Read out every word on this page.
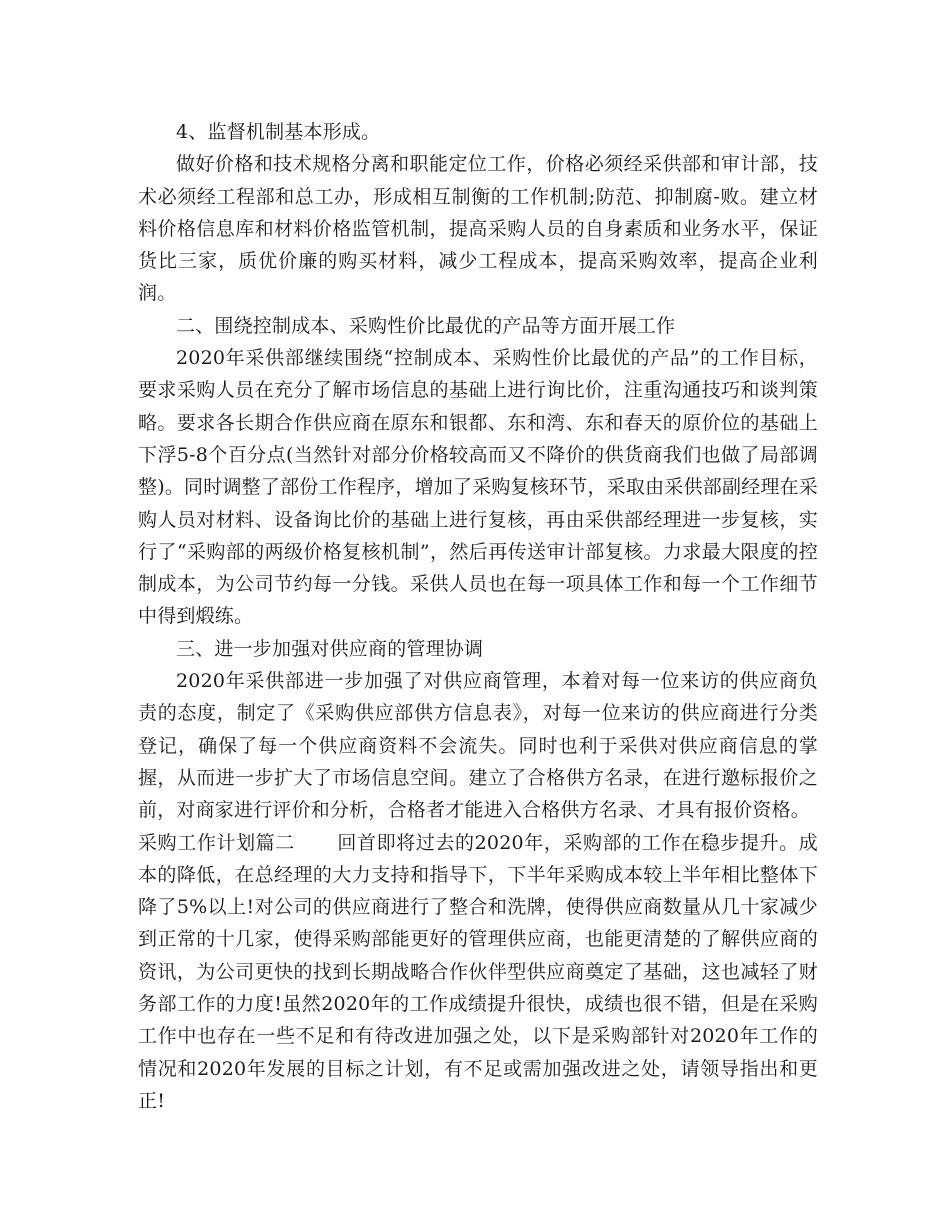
4、监督机制基本形成。

做好价格和技术规格分离和职能定位工作，价格必须经采供部和审计部，技术必须经工程部和总工办，形成相互制衡的工作机制;防范、抑制腐-败。建立材料价格信息库和材料价格监管机制，提高采购人员的自身素质和业务水平，保证货比三家，质优价廉的购买材料，减少工程成本，提高采购效率，提高企业利润。

二、围绕控制成本、采购性价比最优的产品等方面开展工作

2020年采供部继续围绕“控制成本、采购性价比最优的产品”的工作目标，要求采购人员在充分了解市场信息的基础上进行询比价，注重沟通技巧和谈判策略。要求各长期合作供应商在原东和银都、东和湾、东和春天的原价位的基础上下浮5-8个百分点(当然针对部分价格较高而又不降价的供货商我们也做了局部调整)。同时调整了部份工作程序，增加了采购复核环节，采取由采供部副经理在采购人员对材料、设备询比价的基础上进行复核，再由采供部经理进一步复核，实行了“采购部的两级价格复核机制”，然后再传送审计部复核。力求最大限度的控制成本，为公司节约每一分钱。采供人员也在每一项具体工作和每一个工作细节中得到煅练。

三、进一步加强对供应商的管理协调

2020年采供部进一步加强了对供应商管理，本着对每一位来访的供应商负责的态度，制定了《采购供应部供方信息表》，对每一位来访的供应商进行分类登记，确保了每一个供应商资料不会流失。同时也利于采供对供应商信息的掌握，从而进一步扩大了市场信息空间。建立了合格供方名录，在进行邀标报价之前，对商家进行评价和分析，合格者才能进入合格供方名录、才具有报价资格。

采购工作计划篇二 回首即将过去的2020年，采购部的工作在稳步提升。成本的降低，在总经理的大力支持和指导下，下半年采购成本较上半年相比整体下降了5%以上!对公司的供应商进行了整合和洗牌，使得供应商数量从几十家减少到正常的十几家，使得采购部能更好的管理供应商，也能更清楚的了解供应商的资讯，为公司更快的找到长期战略合作伙伴型供应商奠定了基础，这也减轻了财务部工作的力度!虽然2020年的工作成绩提升很快，成绩也很不错，但是在采购工作中也存在一些不足和有待改进加强之处，以下是采购部针对2020年工作的情况和2020年发展的目标之计划，有不足或需加强改进之处，请领导指出和更正!
